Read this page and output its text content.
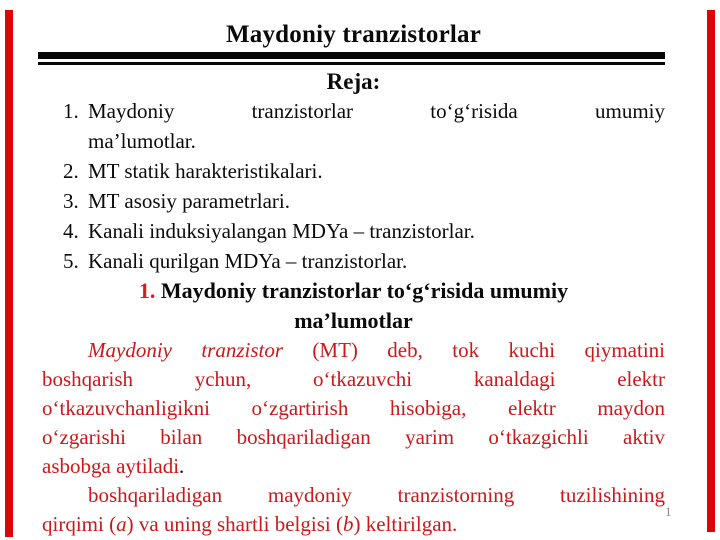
Maydoniy tranzistorlar
Reja:
1. Maydoniy tranzistorlar to‘g‘risida umumiy
ma’lumotlar.
2. MT statik harakteristikalari.
3. MT asosiy parametrlari.
4. Kanali induksiyalangan MDYa – tranzistorlar.
5. Kanali qurilgan MDYa – tranzistorlar.
1. Maydoniy tranzistorlar to‘g‘risida umumiy
ma’lumotlar
Maydoniy tranzistor (MT) deb, tok kuchi qiymatini
boshqarish ychun, o‘tkazuvchi kanaldagi elektr
o‘tkazuvchanligikni o‘zgartirish hisobiga, elektr maydon
o‘zgarishi bilan boshqariladigan yarim o‘tkazgichli aktiv
asbobga aytiladi.
boshqariladigan maydoniy tranzistorning tuzilishining
qirqimi (a) va uning shartli belgisi (b) keltirilgan.
1
